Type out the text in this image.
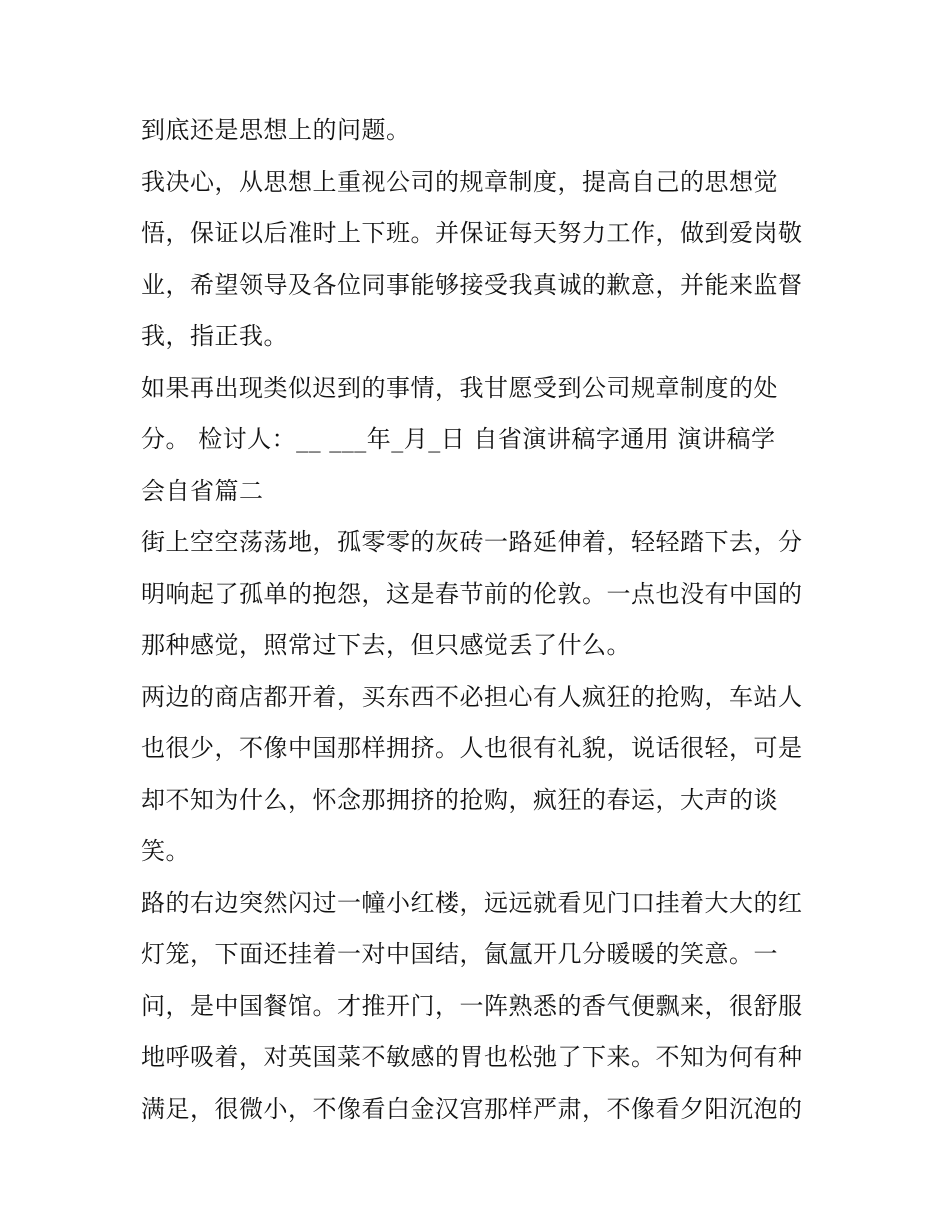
到底还是思想上的问题。
我决心，从思想上重视公司的规章制度，提高自己的思想觉
悟，保证以后准时上下班。并保证每天努力工作，做到爱岗敬
业，希望领导及各位同事能够接受我真诚的歉意，并能来监督
我，指正我。
如果再出现类似迟到的事情，我甘愿受到公司规章制度的处
分。 检讨人：__ ___年_月_日 自省演讲稿字通用 演讲稿学
会自省篇二
街上空空荡荡地，孤零零的灰砖一路延伸着，轻轻踏下去，分
明响起了孤单的抱怨，这是春节前的伦敦。一点也没有中国的
那种感觉，照常过下去，但只感觉丢了什么。
两边的商店都开着，买东西不必担心有人疯狂的抢购，车站人
也很少，不像中国那样拥挤。人也很有礼貌，说话很轻，可是
却不知为什么，怀念那拥挤的抢购，疯狂的春运，大声的谈
笑。
路的右边突然闪过一幢小红楼，远远就看见门口挂着大大的红
灯笼，下面还挂着一对中国结，氤氲开几分暖暖的笑意。一
问，是中国餐馆。才推开门，一阵熟悉的香气便飘来，很舒服
地呼吸着，对英国菜不敏感的胃也松弛了下来。不知为何有种
满足，很微小，不像看白金汉宫那样严肃，不像看夕阳沉泡的
